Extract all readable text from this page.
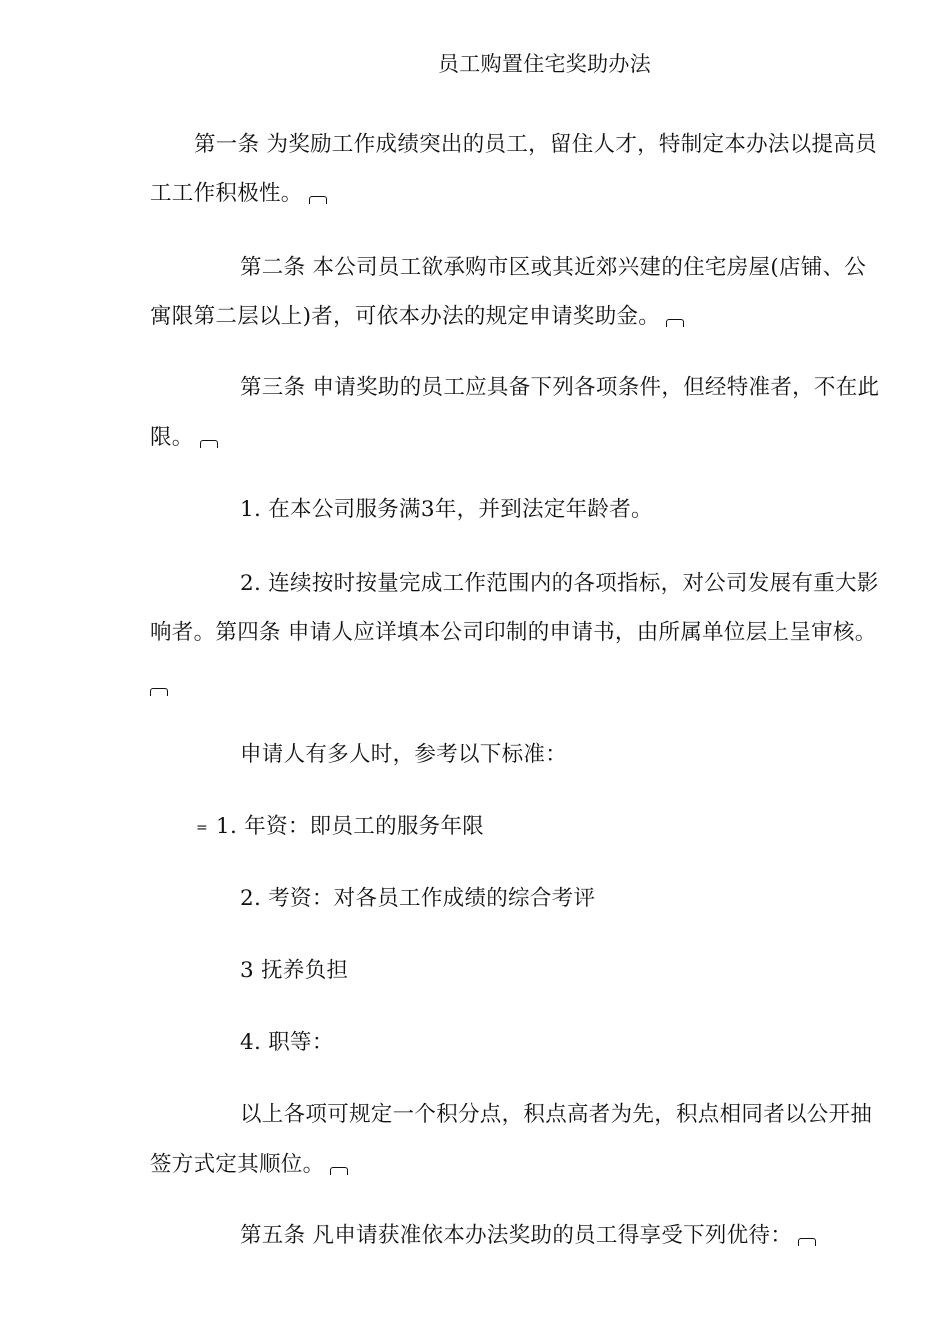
员工购置住宅奖助办法
第一条 为奖励工作成绩突出的员工，留住人才，特制定本办法以提高员
工工作积极性。
第二条 本公司员工欲承购市区或其近郊兴建的住宅房屋(店铺、公
寓限第二层以上)者，可依本办法的规定申请奖助金。
第三条 申请奖助的员工应具备下列各项条件，但经特准者，不在此
限。
1. 在本公司服务满3年，并到法定年龄者。
2. 连续按时按量完成工作范围内的各项指标，对公司发展有重大影
响者。第四条 申请人应详填本公司印制的申请书，由所属单位层上呈审核。
申请人有多人时，参考以下标准：
= 1. 年资：即员工的服务年限
2. 考资：对各员工作成绩的综合考评
3 抚养负担
4. 职等：
以上各项可规定一个积分点，积点高者为先，积点相同者以公开抽
签方式定其顺位。
第五条 凡申请获准依本办法奖助的员工得享受下列优待：
